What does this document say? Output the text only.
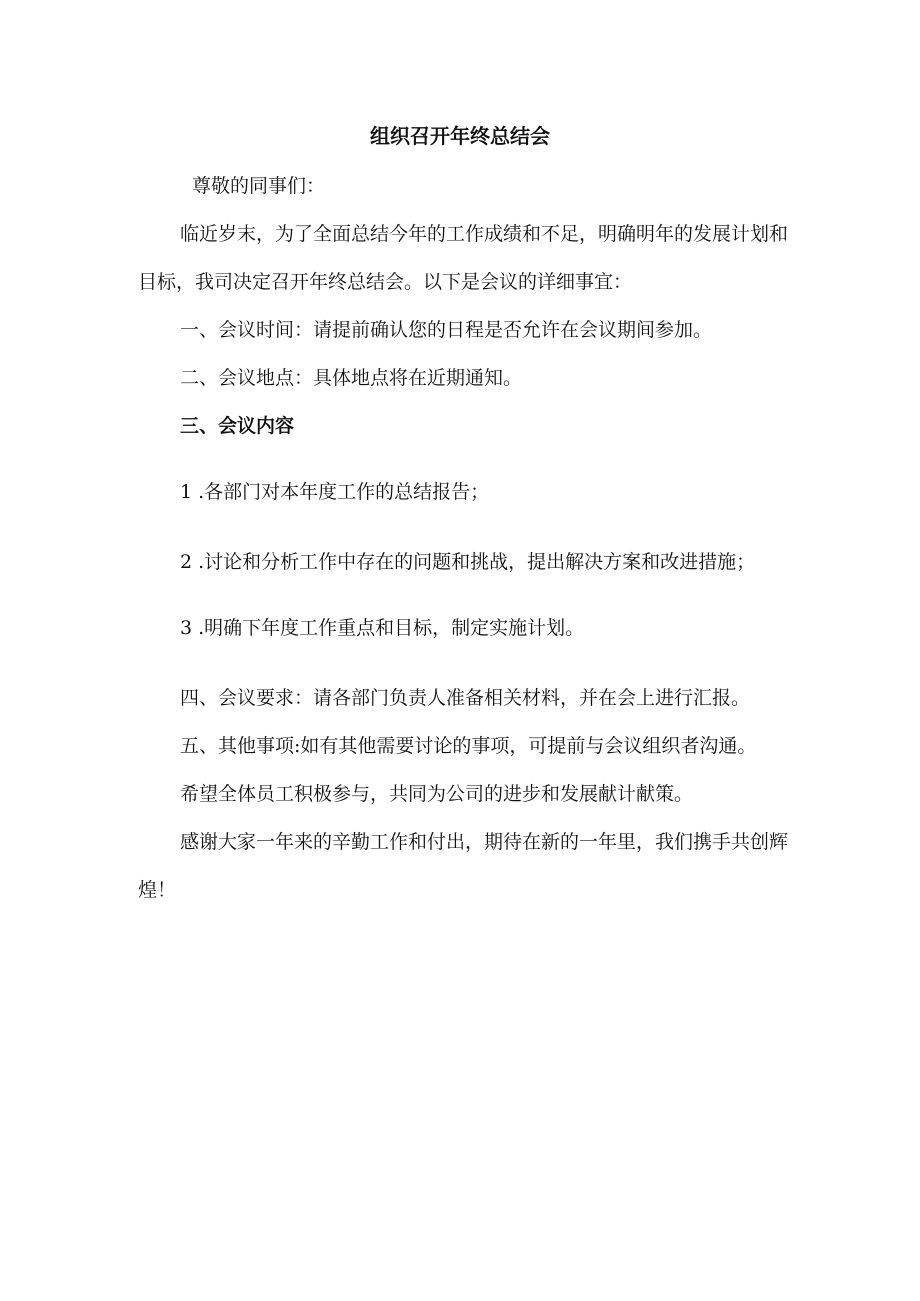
组织召开年终总结会

尊敬的同事们：

临近岁末，为了全面总结今年的工作成绩和不足，明确明年的发展计划和目标，我司决定召开年终总结会。以下是会议的详细事宜：

一、会议时间：请提前确认您的日程是否允许在会议期间参加。

二、会议地点：具体地点将在近期通知。

三、会议内容

1 .各部门对本年度工作的总结报告；

2 .讨论和分析工作中存在的问题和挑战，提出解决方案和改进措施；

3 .明确下年度工作重点和目标，制定实施计划。

四、会议要求：请各部门负责人准备相关材料，并在会上进行汇报。

五、其他事项:如有其他需要讨论的事项，可提前与会议组织者沟通。

希望全体员工积极参与，共同为公司的进步和发展献计献策。

感谢大家一年来的辛勤工作和付出，期待在新的一年里，我们携手共创辉煌！
